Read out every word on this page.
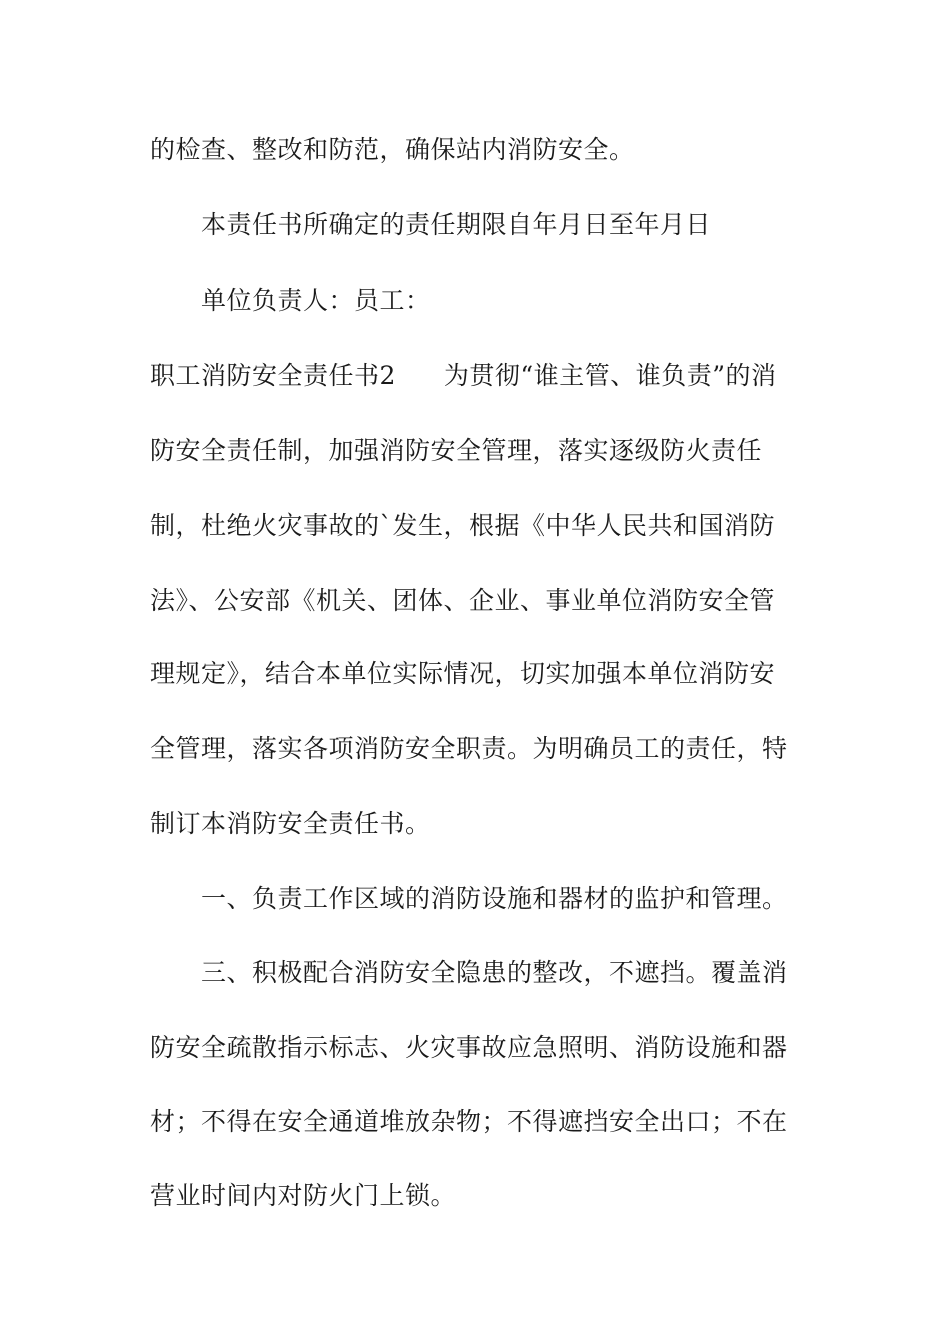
的检查、整改和防范，确保站内消防安全。
本责任书所确定的责任期限自年月日至年月日
单位负责人：员工：
职工消防安全责任书2 为贯彻“谁主管、谁负责”的消
防安全责任制，加强消防安全管理，落实逐级防火责任
制，杜绝火灾事故的`发生，根据《中华人民共和国消防
法》、公安部《机关、团体、企业、事业单位消防安全管
理规定》，结合本单位实际情况，切实加强本单位消防安
全管理，落实各项消防安全职责。为明确员工的责任，特
制订本消防安全责任书。
一、负责工作区域的消防设施和器材的监护和管理。
三、积极配合消防安全隐患的整改，不遮挡。覆盖消
防安全疏散指示标志、火灾事故应急照明、消防设施和器
材；不得在安全通道堆放杂物；不得遮挡安全出口；不在
营业时间内对防火门上锁。
